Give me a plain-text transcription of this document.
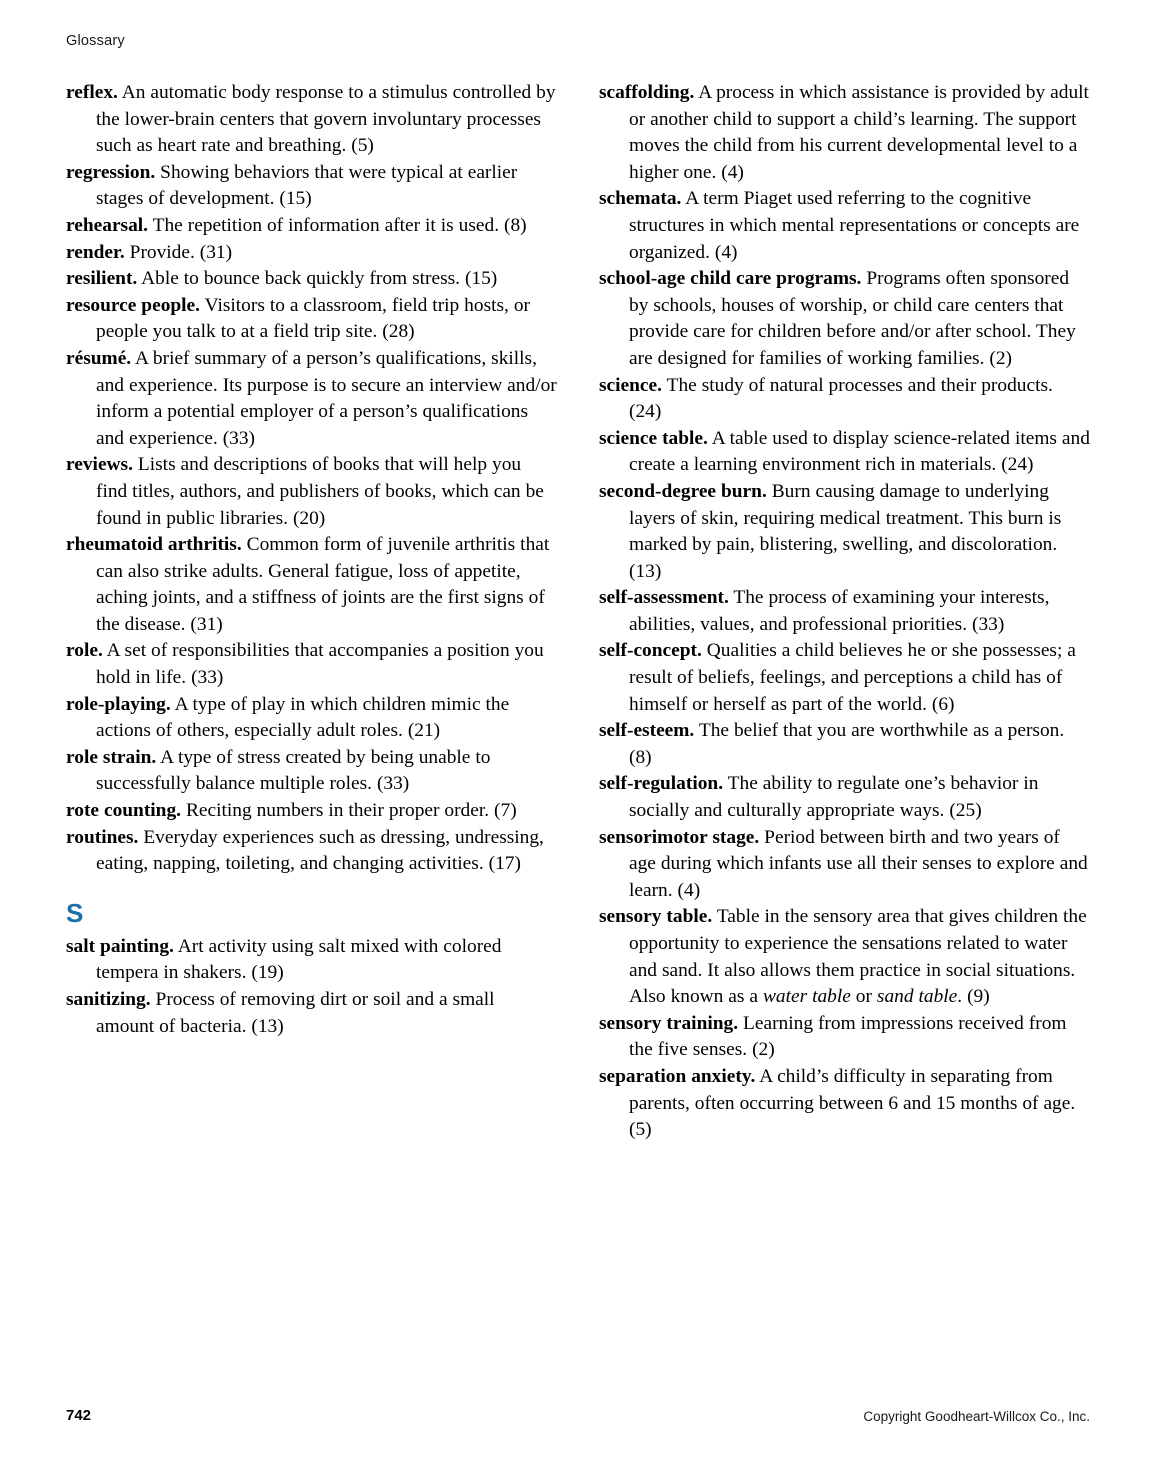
Glossary

reflex. An automatic body response to a stimulus controlled by the lower-brain centers that govern involuntary processes such as heart rate and breathing. (5)

regression. Showing behaviors that were typical at earlier stages of development. (15)

rehearsal. The repetition of information after it is used. (8)

render. Provide. (31)

resilient. Able to bounce back quickly from stress. (15)

resource people. Visitors to a classroom, field trip hosts, or people you talk to at a field trip site. (28)

résumé. A brief summary of a person’s qualifications, skills, and experience. Its purpose is to secure an interview and/or inform a potential employer of a person’s qualifications and experience. (33)

reviews. Lists and descriptions of books that will help you find titles, authors, and publishers of books, which can be found in public libraries. (20)

rheumatoid arthritis. Common form of juvenile arthritis that can also strike adults. General fatigue, loss of appetite, aching joints, and a stiffness of joints are the first signs of the disease. (31)

role. A set of responsibilities that accompanies a position you hold in life. (33)

role-playing. A type of play in which children mimic the actions of others, especially adult roles. (21)

role strain. A type of stress created by being unable to successfully balance multiple roles. (33)

rote counting. Reciting numbers in their proper order. (7)

routines. Everyday experiences such as dressing, undressing, eating, napping, toileting, and changing activities. (17)

S

salt painting. Art activity using salt mixed with colored tempera in shakers. (19)

sanitizing. Process of removing dirt or soil and a small amount of bacteria. (13)

scaffolding. A process in which assistance is provided by adult or another child to support a child’s learning. The support moves the child from his current developmental level to a higher one. (4)

schemata. A term Piaget used referring to the cognitive structures in which mental representations or concepts are organized. (4)

school-age child care programs. Programs often sponsored by schools, houses of worship, or child care centers that provide care for children before and/or after school. They are designed for families of working families. (2)

science. The study of natural processes and their products. (24)

science table. A table used to display science-related items and create a learning environment rich in materials. (24)

second-degree burn. Burn causing damage to underlying layers of skin, requiring medical treatment. This burn is marked by pain, blistering, swelling, and discoloration. (13)

self-assessment. The process of examining your interests, abilities, values, and professional priorities. (33)

self-concept. Qualities a child believes he or she possesses; a result of beliefs, feelings, and perceptions a child has of himself or herself as part of the world. (6)

self-esteem. The belief that you are worthwhile as a person. (8)

self-regulation. The ability to regulate one’s behavior in socially and culturally appropriate ways. (25)

sensorimotor stage. Period between birth and two years of age during which infants use all their senses to explore and learn. (4)

sensory table. Table in the sensory area that gives children the opportunity to experience the sensations related to water and sand. It also allows them practice in social situations. Also known as a water table or sand table. (9)

sensory training. Learning from impressions received from the five senses. (2)

separation anxiety. A child’s difficulty in separating from parents, often occurring between 6 and 15 months of age. (5)

742	Copyright Goodheart-Willcox Co., Inc.
